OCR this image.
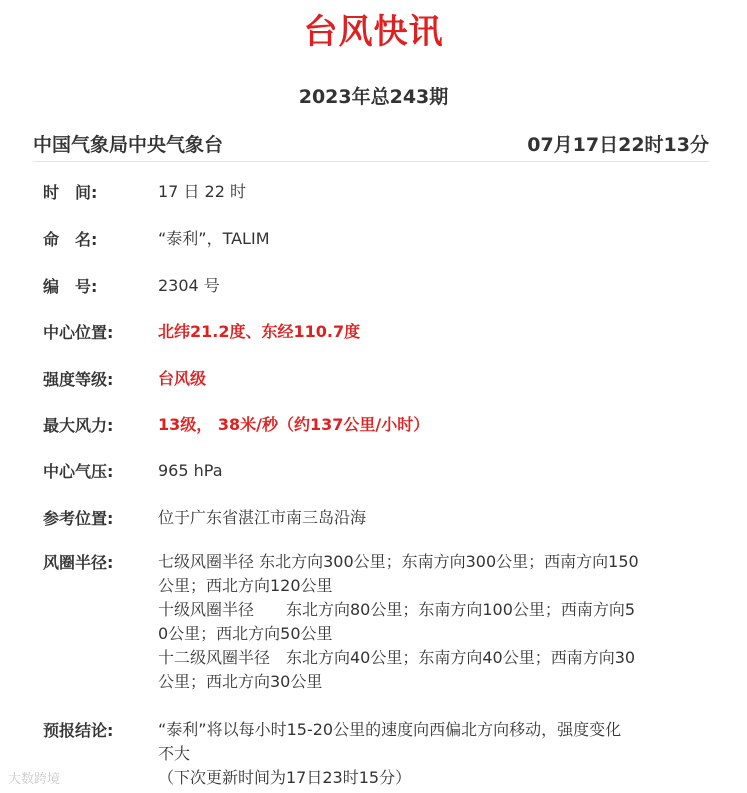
台风快讯
2023年总243期
中国气象局中央气象台	07月17日22时13分
时　间:	17 日 22 时
命　名:	“泰利”，TALIM
编　号:	2304 号
中心位置:	北纬21.2度、东经110.7度
强度等级:	台风级
最大风力:	13级， 38米/秒（约137公里/小时）
中心气压:	965 hPa
参考位置:	位于广东省湛江市南三岛沿海
风圈半径:	七级风圈半径 东北方向300公里；东南方向300公里；西南方向150
公里；西北方向120公里
十级风圈半径　　东北方向80公里；东南方向100公里；西南方向5
0公里；西北方向50公里
十二级风圈半径　东北方向40公里；东南方向40公里；西南方向30
公里；西北方向30公里
预报结论:	“泰利”将以每小时15-20公里的速度向西偏北方向移动，强度变化
不大
（下次更新时间为17日23时15分）
大数跨境
